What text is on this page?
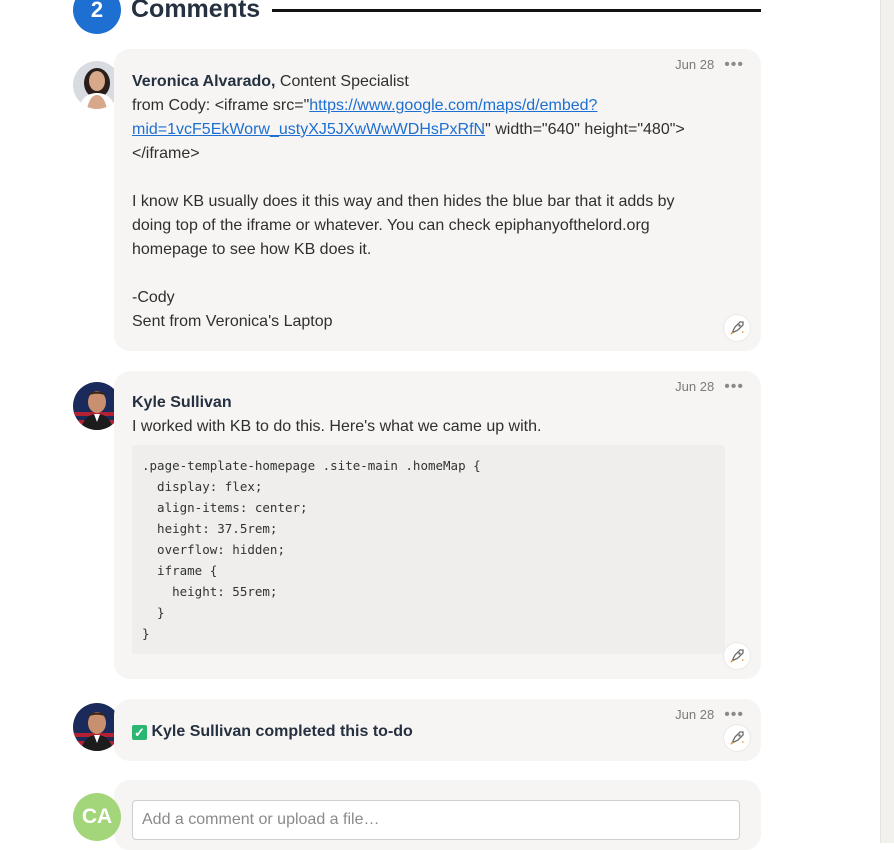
2	Comments
Jun 28 •••

Veronica Alvarado, Content Specialist

from Cody: <iframe src="https://www.google.com/maps/d/embed?

mid=1vcF5EkWorw_ustyXJ5JXwWwWDHsPxRfN" width="640" height="480">

</iframe>

I know KB usually does it this way and then hides the blue bar that it adds by

doing top of the iframe or whatever. You can check epiphanyofthelord.org

homepage to see how KB does it.

-Cody

Sent from Veronica's Laptop

Jun 28 •••

Kyle Sullivan

I worked with KB to do this. Here's what we came up with.

.page-template-homepage .site-main .homeMap {
display: flex;
align-items: center;
height: 37.5rem;
overflow: hidden;
iframe {
height: 55rem;
}
}
Jun 28 •••
✓ Kyle Sullivan completed this to-do
CA
Add a comment or upload a file…
